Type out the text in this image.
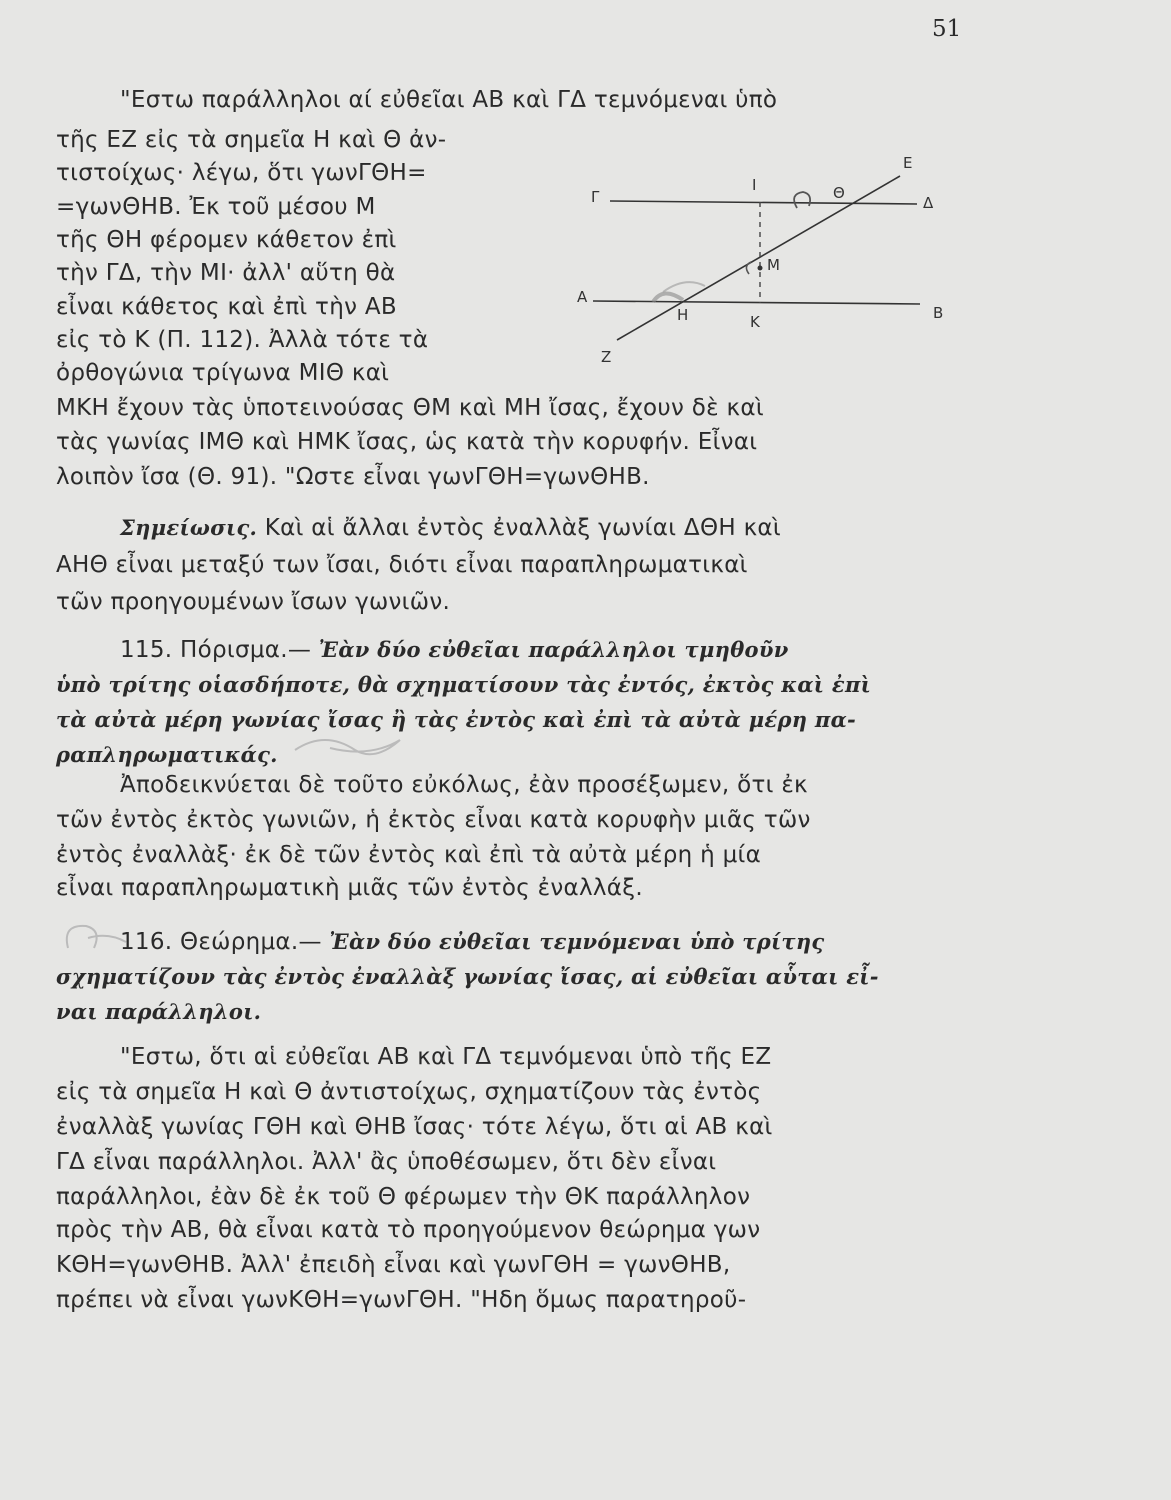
51
"Εστω παράλληλοι αί εὐθεῖαι ΑΒ καὶ ΓΔ τεμνόμεναι ὑπὸ
τῆς ΕΖ εἰς τὰ σημεῖα Η καὶ Θ ἀν-
τιστοίχως· λέγω, ὅτι γωνΓΘΗ=
=γωνΘΗΒ. Ἐκ τοῦ μέσου Μ
τῆς ΘΗ φέρομεν κάθετον ἐπὶ
τὴν ΓΔ, τὴν ΜΙ· ἀλλ' αὕτη θὰ
εἶναι κάθετος καὶ ἐπὶ τὴν ΑΒ
εἰς τὸ Κ (Π. 112). Ἀλλὰ τότε τὰ
ὀρθογώνια τρίγωνα ΜΙΘ καὶ
ΜΚΗ ἔχουν τὰς ὑποτεινούσας ΘΜ καὶ ΜΗ ἴσας, ἔχουν δὲ καὶ
τὰς γωνίας ΙΜΘ καὶ ΗΜΚ ἴσας, ὡς κατὰ τὴν κορυφήν. Εἶναι
λοιπὸν ἴσα (Θ. 91). "Ωστε εἶναι γωνΓΘΗ=γωνΘΗΒ.
Σημείωσις. Καὶ αἱ ἄλλαι ἐντὸς ἐναλλὰξ γωνίαι ΔΘΗ καὶ
ΑΗΘ εἶναι μεταξύ των ἴσαι, διότι εἶναι παραπληρωματικαὶ
τῶν προηγουμένων ἴσων γωνιῶν.
115. Πόρισμα.— Ἐὰν δύο εὐθεῖαι παράλληλοι τμηθοῦν
ὑπὸ τρίτης οἱασδήποτε, θὰ σχηματίσουν τὰς ἐντός, ἐκτὸς καὶ ἐπὶ
τὰ αὐτὰ μέρη γωνίας ἴσας ἢ τὰς ἐντὸς καὶ ἐπὶ τὰ αὐτὰ μέρη πα-
ραπληρωματικάς.
Ἀποδεικνύεται δὲ τοῦτο εὐκόλως, ἐὰν προσέξωμεν, ὅτι ἐκ
τῶν ἐντὸς ἐκτὸς γωνιῶν, ἡ ἐκτὸς εἶναι κατὰ κορυφὴν μιᾶς τῶν
ἐντὸς ἐναλλὰξ· ἐκ δὲ τῶν ἐντὸς καὶ ἐπὶ τὰ αὐτὰ μέρη ἡ μία
εἶναι παραπληρωματικὴ μιᾶς τῶν ἐντὸς ἐναλλάξ.
116. Θεώρημα.— Ἐὰν δύο εὐθεῖαι τεμνόμεναι ὑπὸ τρίτης
σχηματίζουν τὰς ἐντὸς ἐναλλὰξ γωνίας ἴσας, αἱ εὐθεῖαι αὗται εἶ-
ναι παράλληλοι.
"Εστω, ὅτι αἱ εὐθεῖαι ΑΒ καὶ ΓΔ τεμνόμεναι ὑπὸ τῆς ΕΖ
εἰς τὰ σημεῖα Η καὶ Θ ἀντιστοίχως, σχηματίζουν τὰς ἐντὸς
ἐναλλὰξ γωνίας ΓΘΗ καὶ ΘΗΒ ἴσας· τότε λέγω, ὅτι αἱ ΑΒ καὶ
ΓΔ εἶναι παράλληλοι. Ἀλλ' ἂς ὑποθέσωμεν, ὅτι δὲν εἶναι
παράλληλοι, ἐὰν δὲ ἐκ τοῦ Θ φέρωμεν τὴν ΘΚ παράλληλον
πρὸς τὴν ΑΒ, θὰ εἶναι κατὰ τὸ προηγούμενον θεώρημα γων
ΚΘΗ=γωνΘΗΒ. Ἀλλ' ἐπειδὴ εἶναι καὶ γωνΓΘΗ = γωνΘΗΒ,
πρέπει νὰ εἶναι γωνΚΘΗ=γωνΓΘΗ. "Ηδη ὅμως παρατηροῦ-
Γ
Ι	Θ
Ε
Δ
Μ
Α
Η	Κ	Β
Ζ
